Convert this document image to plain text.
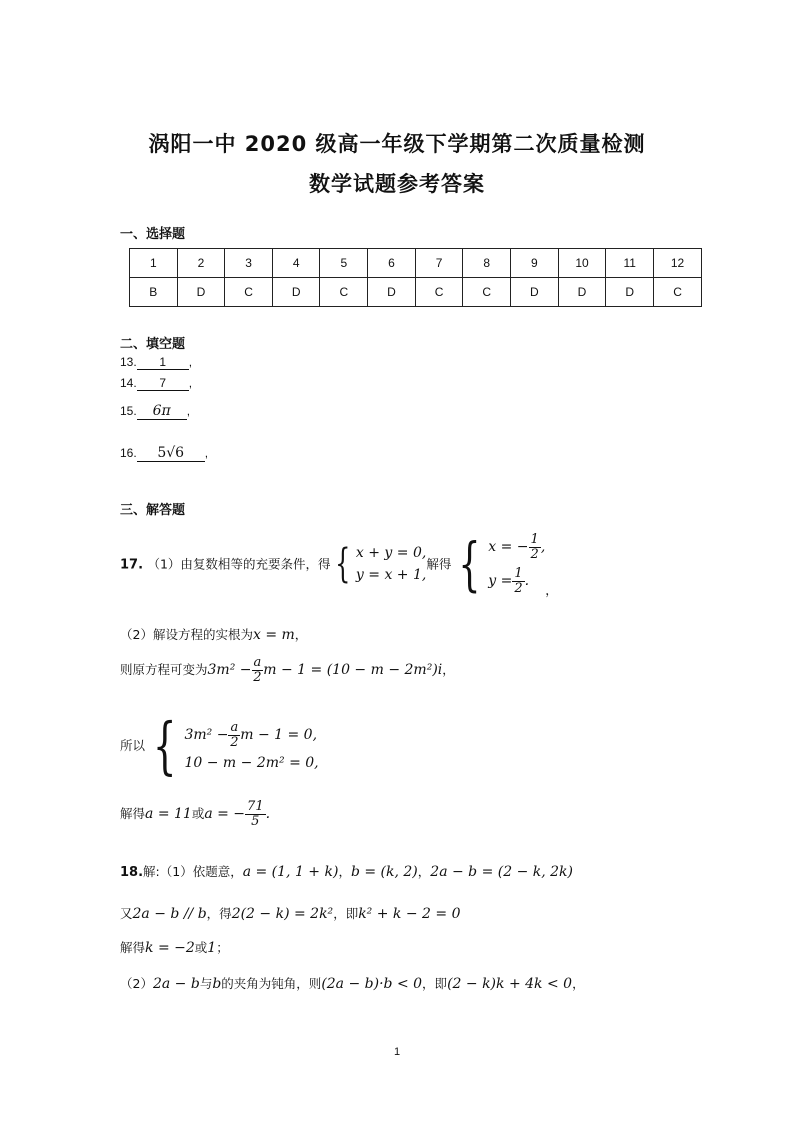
涡阳一中 2020 级高一年级下学期第二次质量检测
数学试题参考答案
一、选择题
1	2	3	4	5	6	7	8	9	10	11	12
B	D	C	D	C	D	C	C	D	D	D	C
二、填空题
13. 1 ,
14. 7 ,
15. 6π ,
16. 5√6 ,
三、解答题
17. （1）由复数相等的充要条件，得 { x + y = 0,
y = x + 1,
解得 { x = − $\frac{1}{2}$ ,
$y = \frac{1}{2}$ .
，
（2）解设方程的实根为x = m，
则原方程可变为$3m^2 - \frac{a}{2}$ m − 1 = (10 − m − 2m²)i，
所以 { $3m^2 - \frac{a}{2}$ m − 1 = 0,
10 − m − 2m² = 0,
解得a = 11或a = − $\frac{71}{5}$ .
18.解:（1）依题意，a = (1, 1 + k)，b = (k, 2)，2a − b = (2 − k, 2k)
又2a − b // b，得2(2 − k) = 2k²，即k² + k − 2 = 0
解得k = −2或1；
（2）2a − b与b的夹角为钝角，则(2a − b)·b < 0，即(2 − k)k + 4k < 0，
1
